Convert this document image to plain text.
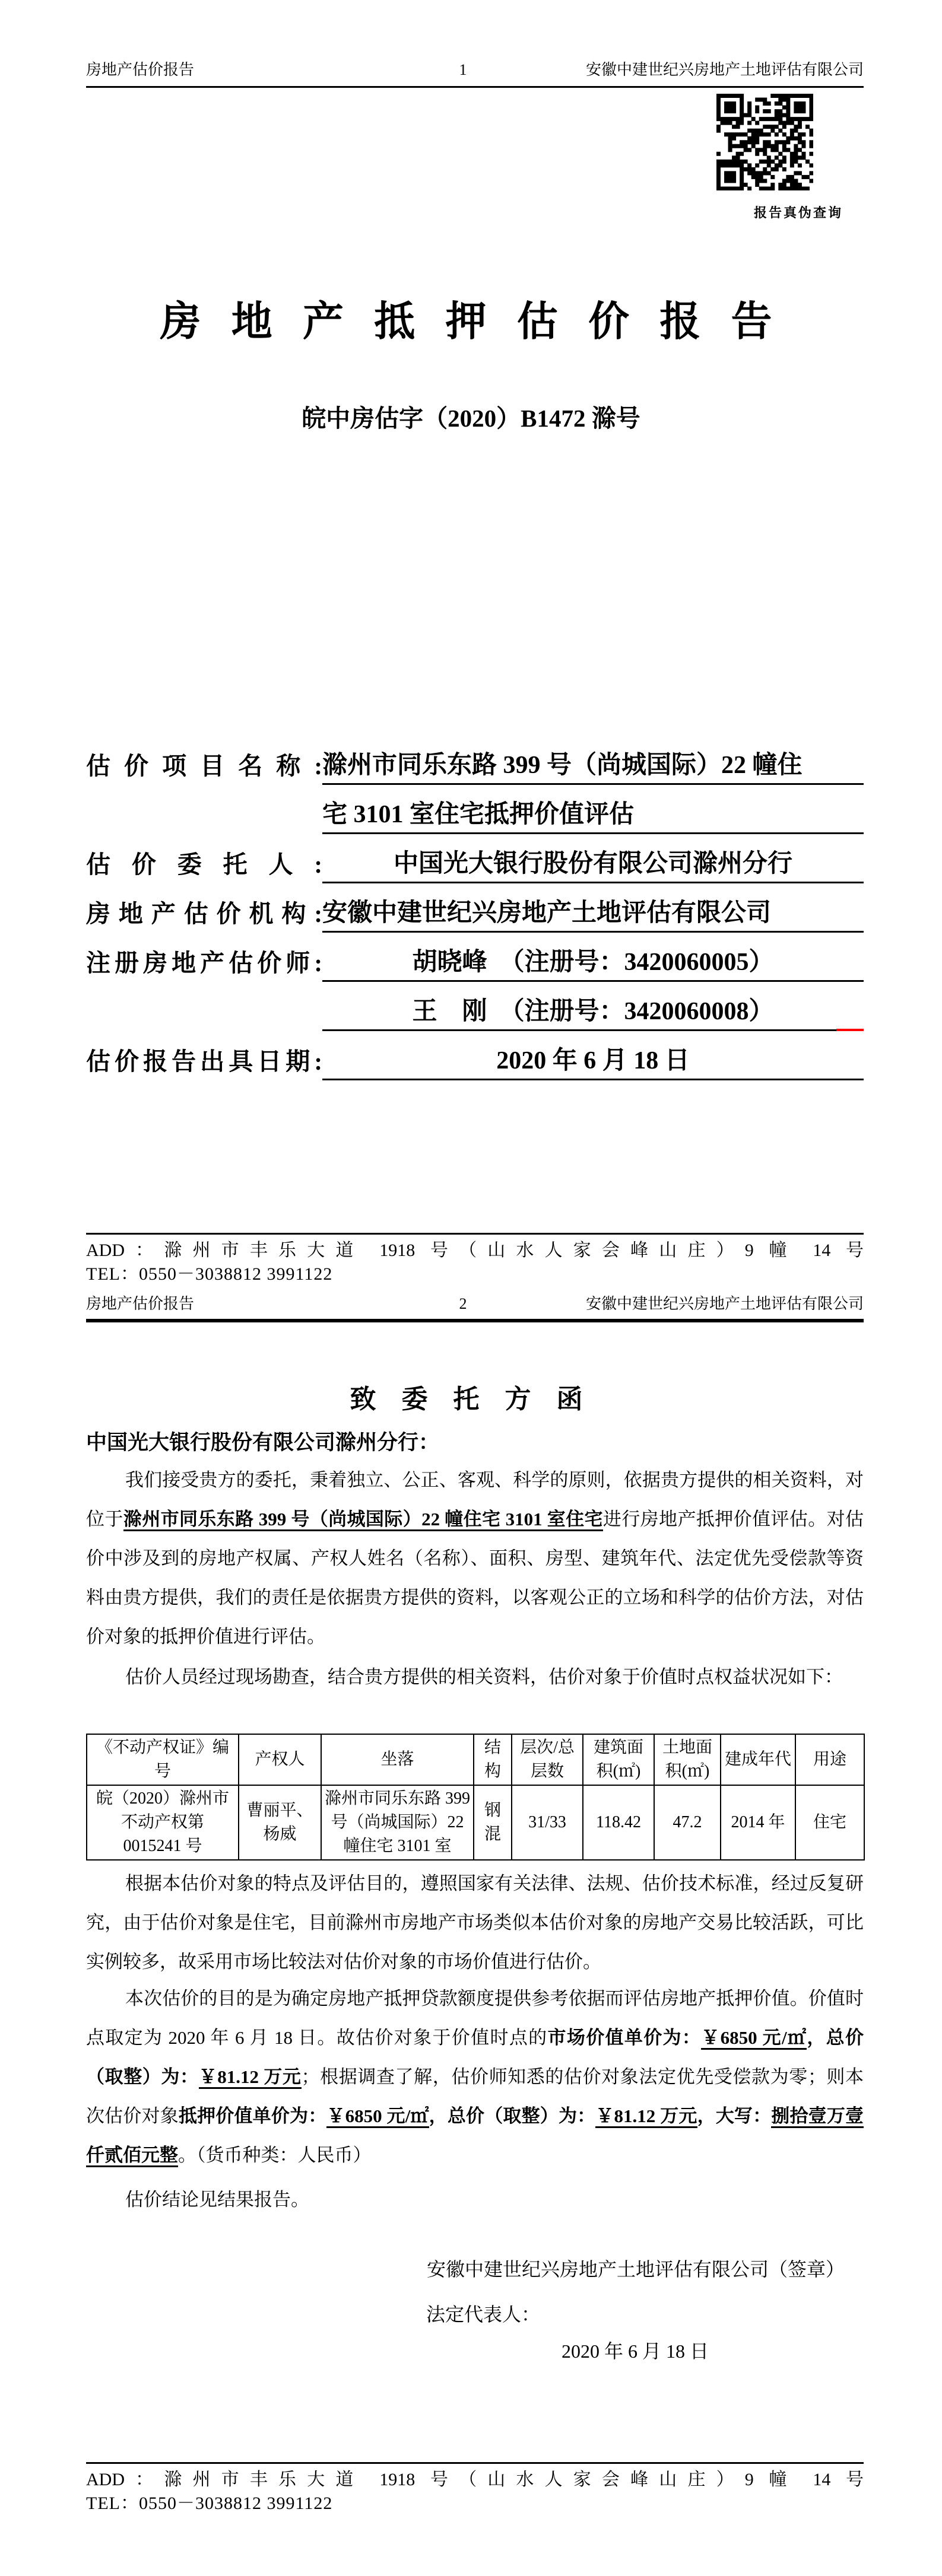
房地产估价报告	1	安徽中建世纪兴房地产土地评估有限公司
报告真伪查询
房 地 产 抵 押 估 价 报 告
皖中房估字（2020）B1472 滁号
估价项目名称: 滁州市同乐东路 399 号（尚城国际）22 幢住
宅 3101 室住宅抵押价值评估
估价委托人:	中国光大银行股份有限公司滁州分行
房地产估价机构: 安徽中建世纪兴房地产土地评估有限公司
注册房地产估价师:	胡晓峰　（注册号：3420060005）
王　刚　（注册号：3420060008）
估价报告出具日期:	2020 年 6 月 18 日
ADD：滁州市丰乐大道 1918 号（山水人家会峰山庄）9 幢 14 号
TEL：0550－3038812 3991122
房地产估价报告	2	安徽中建世纪兴房地产土地评估有限公司
致 委 托 方 函
中国光大银行股份有限公司滁州分行：
我们接受贵方的委托，秉着独立、公正、客观、科学的原则，依据贵方提供的相关资料，对位于滁州市同乐东路 399 号（尚城国际）22 幢住宅 3101 室住宅进行房地产抵押价值评估。对估价中涉及到的房地产权属、产权人姓名（名称）、面积、房型、建筑年代、法定优先受偿款等资料由贵方提供，我们的责任是依据贵方提供的资料，以客观公正的立场和科学的估价方法，对估价对象的抵押价值进行评估。
估价人员经过现场勘查，结合贵方提供的相关资料，估价对象于价值时点权益状况如下：
《不动产权证》编号	产权人	坐落	结构	层次/总层数	建筑面积(㎡)	土地面积(㎡)	建成年代	用途
皖（2020）滁州市不动产权第 0015241 号	曹丽平、杨威	滁州市同乐东路 399 号（尚城国际）22 幢住宅 3101 室	钢混	31/33	118.42	47.2	2014 年	住宅
根据本估价对象的特点及评估目的，遵照国家有关法律、法规、估价技术标准，经过反复研究，由于估价对象是住宅，目前滁州市房地产市场类似本估价对象的房地产交易比较活跃，可比实例较多，故采用市场比较法对估价对象的市场价值进行估价。
本次估价的目的是为确定房地产抵押贷款额度提供参考依据而评估房地产抵押价值。价值时点取定为 2020 年 6 月 18 日。故估价对象于价值时点的市场价值单价为：￥6850 元/㎡，总价（取整）为：￥81.12 万元；根据调查了解，估价师知悉的估价对象法定优先受偿款为零；则本次估价对象抵押价值单价为：￥6850 元/㎡，总价（取整）为：￥81.12 万元，大写：捌拾壹万壹仟贰佰元整。（货币种类：人民币）
估价结论见结果报告。
安徽中建世纪兴房地产土地评估有限公司（签章）
法定代表人：
2020 年 6 月 18 日
ADD：滁州市丰乐大道 1918 号（山水人家会峰山庄）9 幢 14 号
TEL：0550－3038812 3991122
